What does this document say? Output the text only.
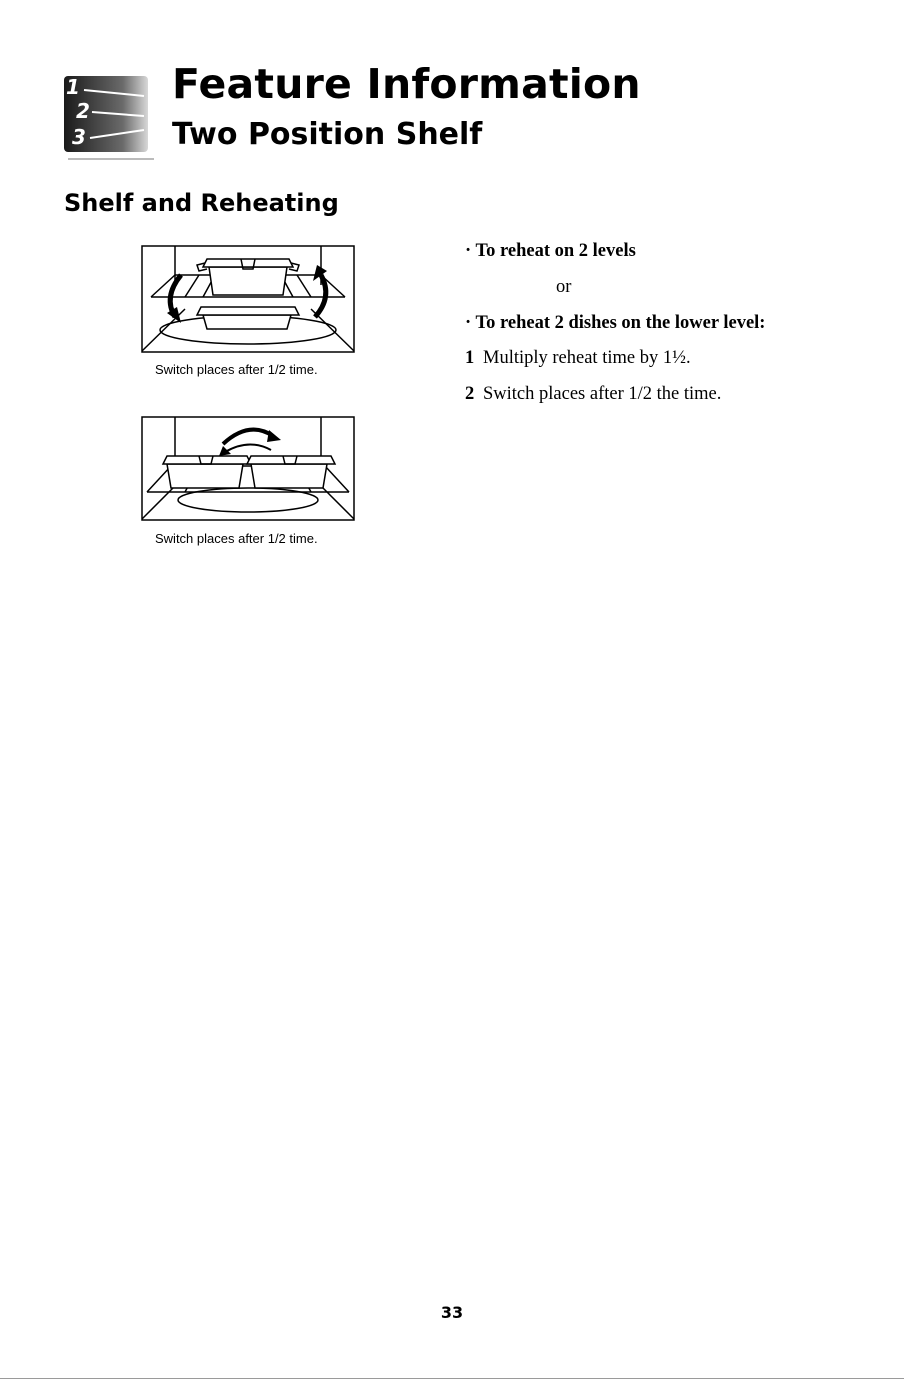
1
2
3
Feature Information
Two Position Shelf
Shelf and Reheating
Switch places after 1/2 time.
Switch places after 1/2 time.
· To reheat on 2 levels
or
· To reheat 2 dishes on the lower level:
1 Multiply reheat time by 1½.
2 Switch places after 1/2 the time.
33
